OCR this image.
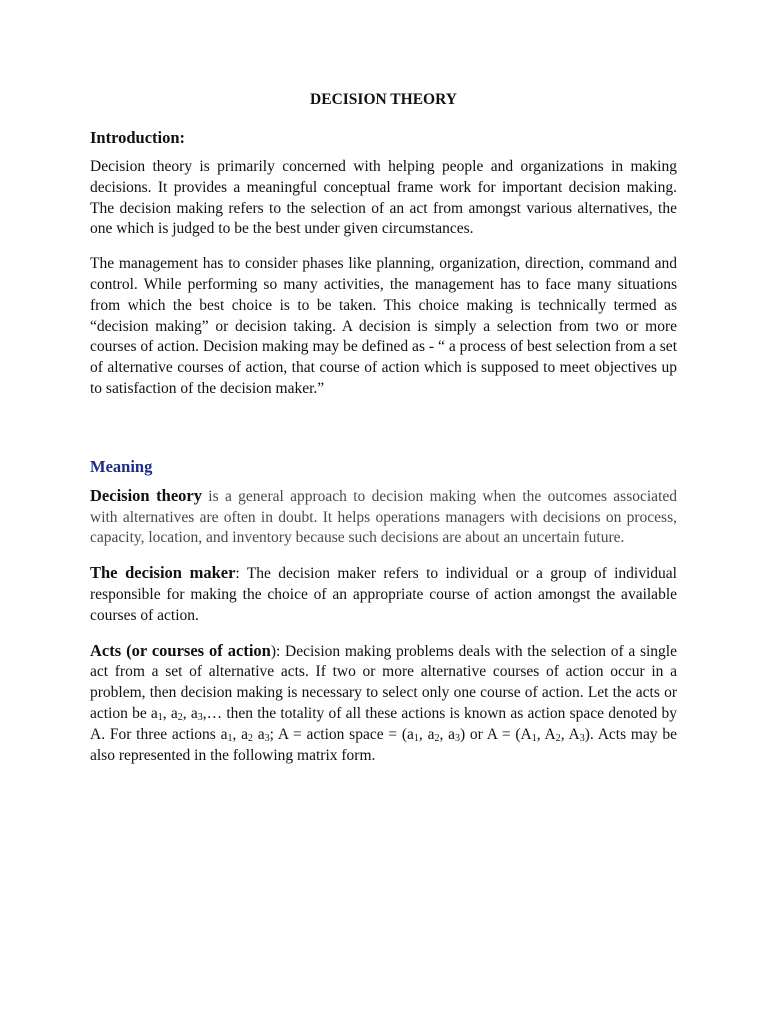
DECISION THEORY
Introduction:

Decision theory is primarily concerned with helping people and organizations in making decisions. It provides a meaningful conceptual frame work for important decision making. The decision making refers to the selection of an act from amongst various alternatives, the one which is judged to be the best under given circumstances.

The management has to consider phases like planning, organization, direction, command and control. While performing so many activities, the management has to face many situations from which the best choice is to be taken. This choice making is technically termed as “decision making” or decision taking. A decision is simply a selection from two or more courses of action. Decision making may be defined as - “ a process of best selection from a set of alternative courses of action, that course of action which is supposed to meet objectives up to satisfaction of the decision maker.”

Meaning

Decision theory is a general approach to decision making when the outcomes associated with alternatives are often in doubt. It helps operations managers with decisions on process, capacity, location, and inventory because such decisions are about an uncertain future.

The decision maker: The decision maker refers to individual or a group of individual responsible for making the choice of an appropriate course of action amongst the available courses of action.

Acts (or courses of action): Decision making problems deals with the selection of a single act from a set of alternative acts. If two or more alternative courses of action occur in a problem, then decision making is necessary to select only one course of action. Let the acts or action be $a_1$, $a_2$, $a_3,\dots$ then the totality of all these actions is known as action space denoted by A. For three actions $a_1$, $a_2$ $a_3$; A = action space = ($a_1$, $a_2$, $a_3$) or $A = (A_1$, $A_2$, $A_3$). Acts may be also represented in the following matrix form.
